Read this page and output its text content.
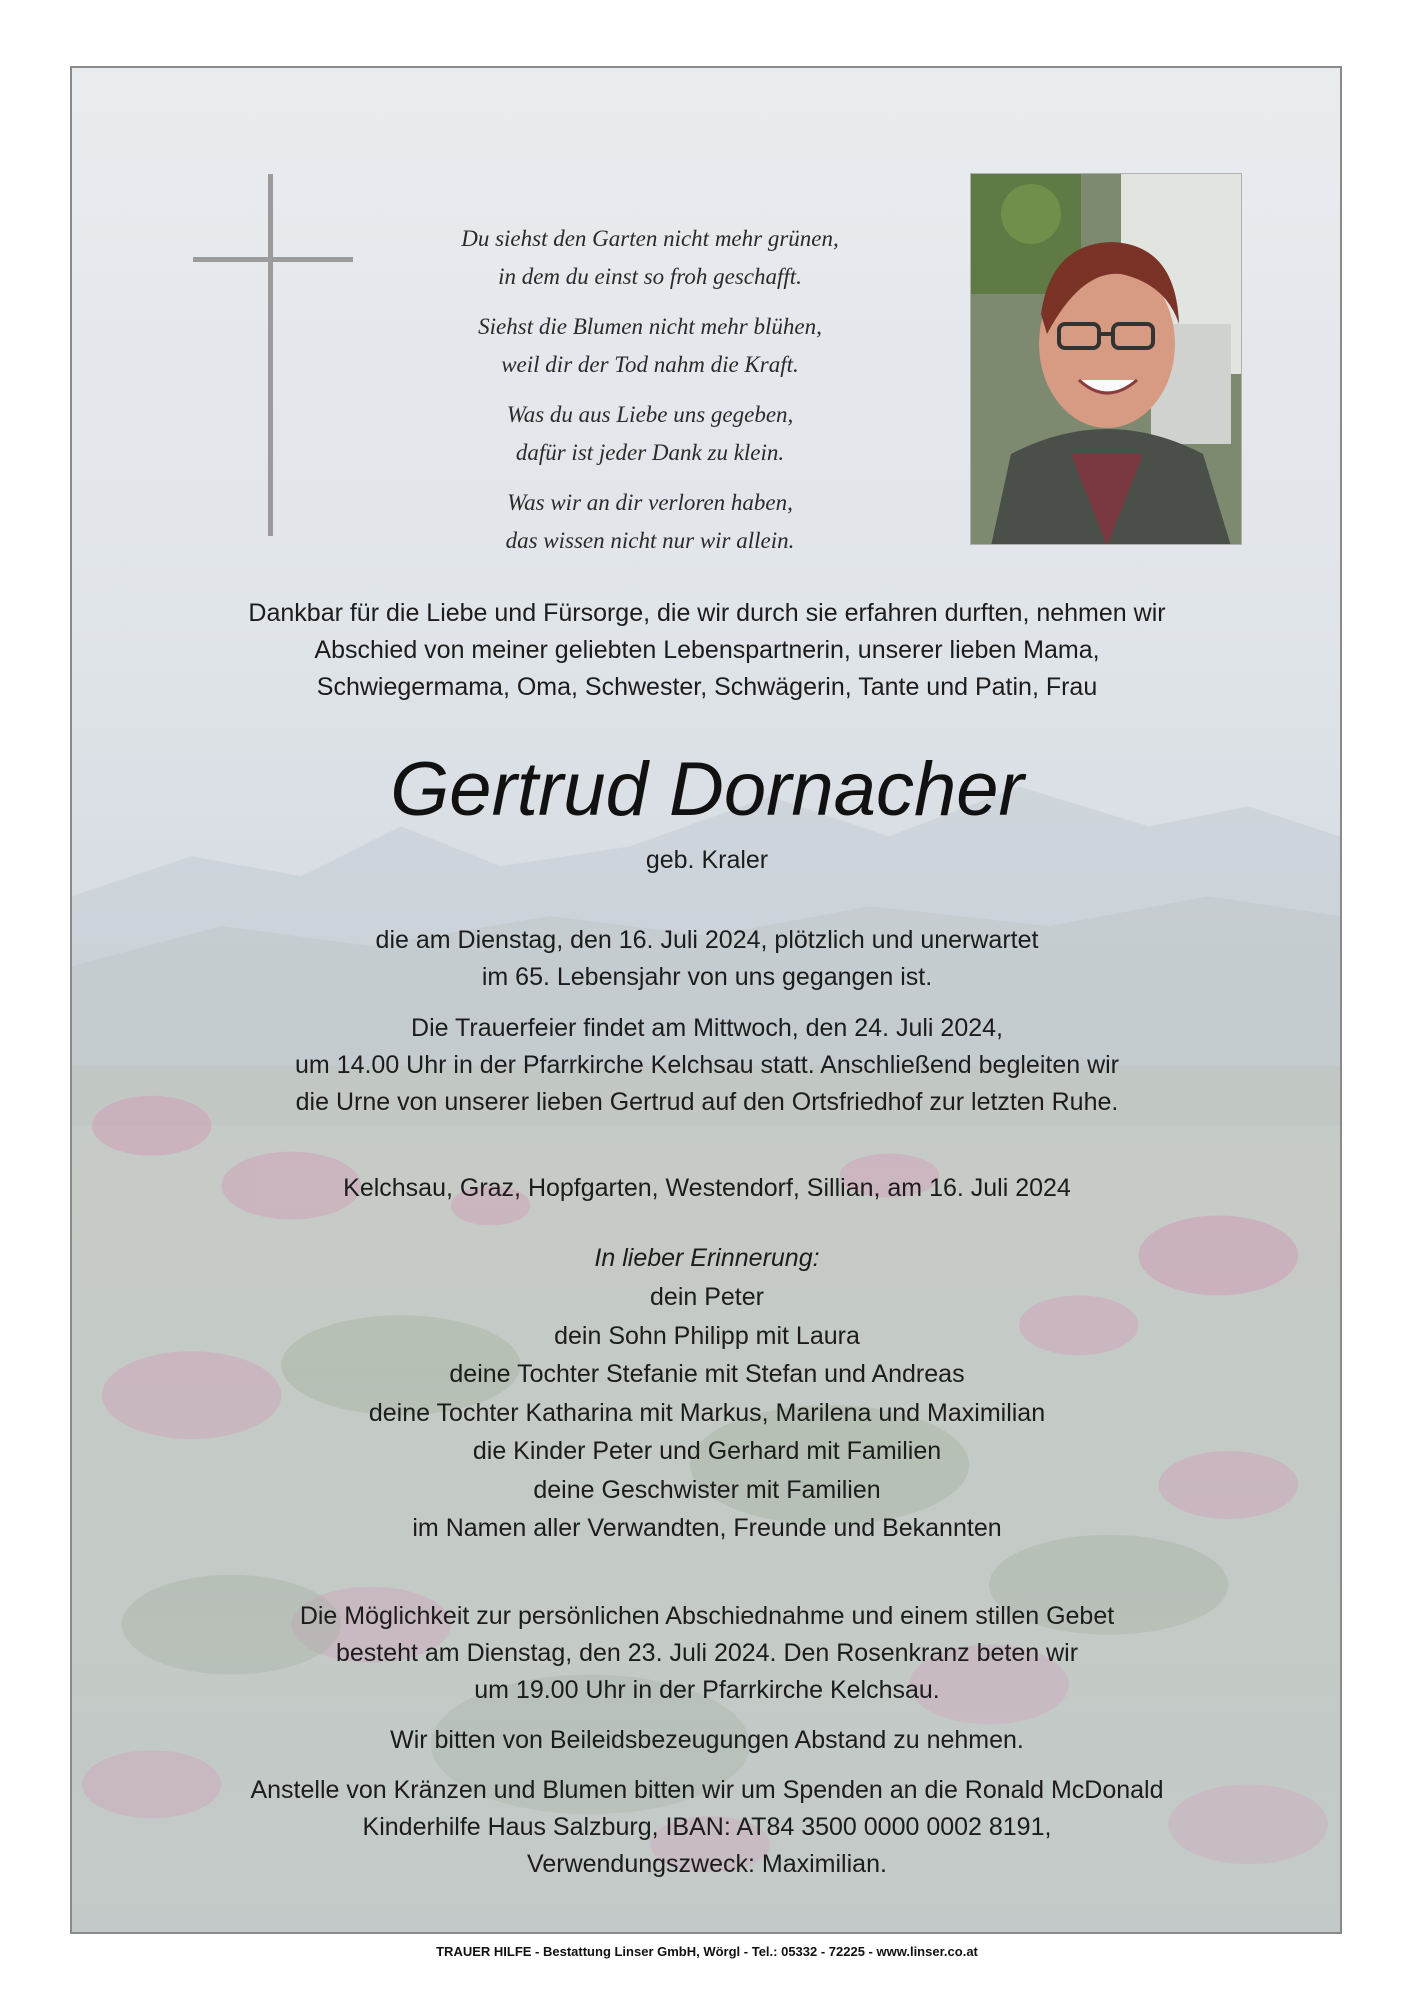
Du siehst den Garten nicht mehr grünen,
in dem du einst so froh geschafft.
Siehst die Blumen nicht mehr blühen,
weil dir der Tod nahm die Kraft.
Was du aus Liebe uns gegeben,
dafür ist jeder Dank zu klein.
Was wir an dir verloren haben,
das wissen nicht nur wir allein.
Dankbar für die Liebe und Fürsorge, die wir durch sie erfahren durften, nehmen wir
Abschied von meiner geliebten Lebenspartnerin, unserer lieben Mama,
Schwiegermama, Oma, Schwester, Schwägerin, Tante und Patin, Frau
Gertrud Dornacher
geb. Kraler
die am Dienstag, den 16. Juli 2024, plötzlich und unerwartet
im 65. Lebensjahr von uns gegangen ist.
Die Trauerfeier findet am Mittwoch, den 24. Juli 2024,
um 14.00 Uhr in der Pfarrkirche Kelchsau statt. Anschließend begleiten wir
die Urne von unserer lieben Gertrud auf den Ortsfriedhof zur letzten Ruhe.
Kelchsau, Graz, Hopfgarten, Westendorf, Sillian, am 16. Juli 2024
In lieber Erinnerung:
dein Peter
dein Sohn Philipp mit Laura
deine Tochter Stefanie mit Stefan und Andreas
deine Tochter Katharina mit Markus, Marilena und Maximilian
die Kinder Peter und Gerhard mit Familien
deine Geschwister mit Familien
im Namen aller Verwandten, Freunde und Bekannten
Die Möglichkeit zur persönlichen Abschiednahme und einem stillen Gebet
besteht am Dienstag, den 23. Juli 2024. Den Rosenkranz beten wir
um 19.00 Uhr in der Pfarrkirche Kelchsau.
Wir bitten von Beileidsbezeugungen Abstand zu nehmen.
Anstelle von Kränzen und Blumen bitten wir um Spenden an die Ronald McDonald
Kinderhilfe Haus Salzburg, IBAN: AT84 3500 0000 0002 8191,
Verwendungszweck: Maximilian.
TRAUER HILFE - Bestattung Linser GmbH, Wörgl - Tel.: 05332 - 72225 - www.linser.co.at
